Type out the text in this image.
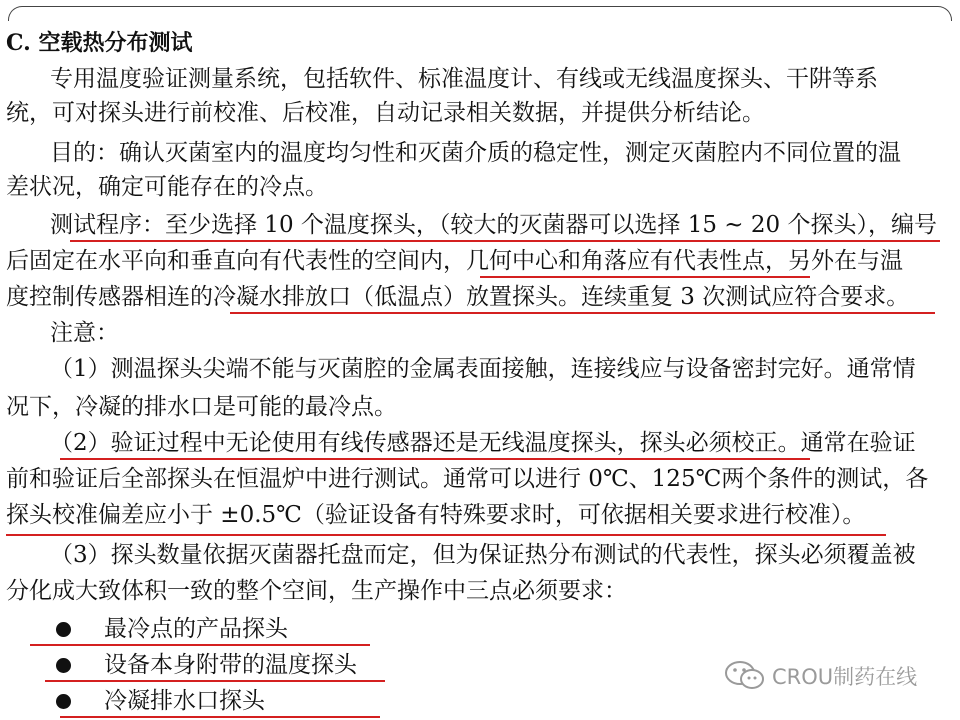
C. 空载热分布测试
专用温度验证测量系统，包括软件、标准温度计、有线或无线温度探头、干阱等系
统，可对探头进行前校准、后校准，自动记录相关数据，并提供分析结论。
目的：确认灭菌室内的温度均匀性和灭菌介质的稳定性，测定灭菌腔内不同位置的温
差状况，确定可能存在的冷点。
测试程序：至少选择 10 个温度探头，（较大的灭菌器可以选择 15 ~ 20 个探头），编号
后固定在水平向和垂直向有代表性的空间内，几何中心和角落应有代表性点，另外在与温
度控制传感器相连的冷凝水排放口（低温点）放置探头。连续重复 3 次测试应符合要求。
注意：
（1）测温探头尖端不能与灭菌腔的金属表面接触，连接线应与设备密封完好。通常情
况下，冷凝的排水口是可能的最冷点。
（2）验证过程中无论使用有线传感器还是无线温度探头，探头必须校正。通常在验证
前和验证后全部探头在恒温炉中进行测试。通常可以进行 0℃、125℃两个条件的测试，各
探头校准偏差应小于 ±0.5℃（验证设备有特殊要求时，可依据相关要求进行校准）。
（3）探头数量依据灭菌器托盘而定，但为保证热分布测试的代表性，探头必须覆盖被
分化成大致体积一致的整个空间，生产操作中三点必须要求：
最冷点的产品探头
设备本身附带的温度探头
冷凝排水口探头
CROU制药在线
